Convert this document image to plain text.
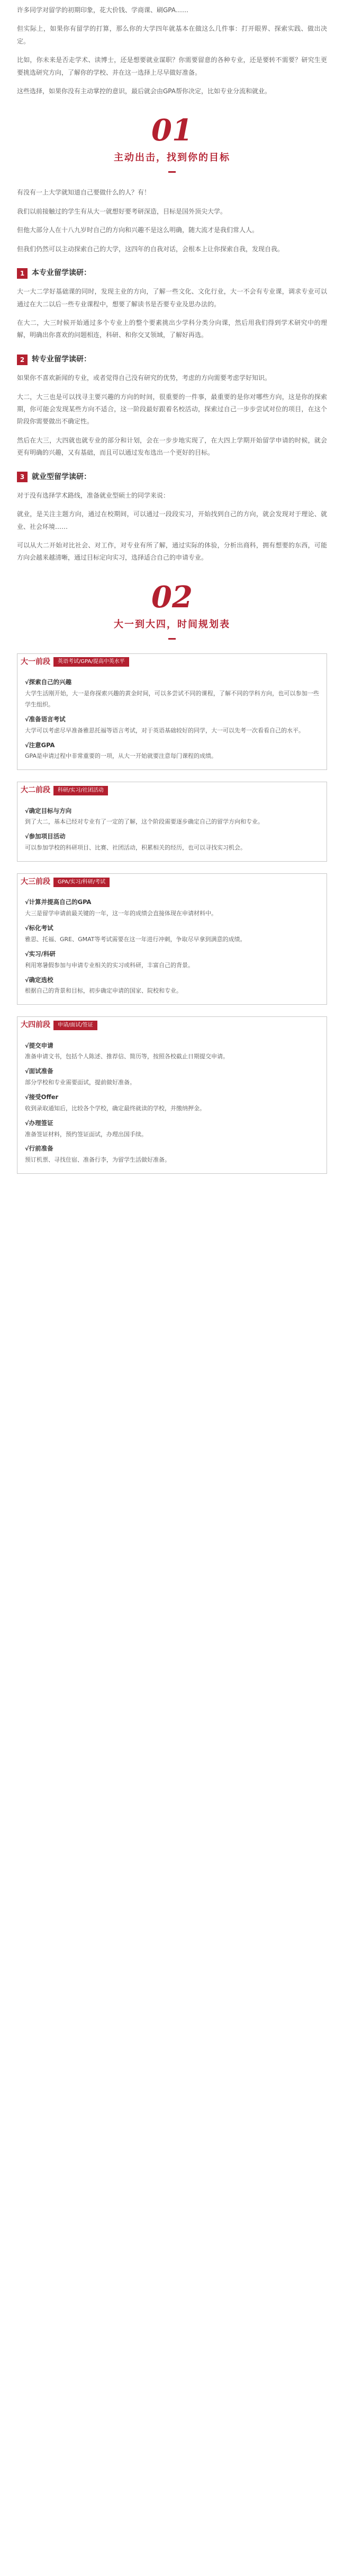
许多同学对留学的初期印象，花大价钱、学商课、刷GPA……

但实际上，如果你有留学的打算，那么你的大学四年就基本在做这么几件事：打开眼界、探索实践、做出决定。

比如，你未来是否走学术、读博士，还是想要就业谋职？你需要留意的各种专业，还是要转不需要？研究生更要挑选研究方向，了解你的学校、并在这一选择上尽早做好准备。

这些选择，如果你没有主动掌控的意识，最后就会由GPA帮你决定，比如专业分流和就业。

01
主动出击，找到你的目标

有没有一上大学就知道自己要做什么的人？有！

我们以前接触过的学生有从大一就想好要考研深造，目标是国外顶尖大学。

但他大部分人在十八九岁时自己的方向和兴趣不是这么明确，随大流才是我们常人人。

但我们仍然可以主动探索自己的大学，这四年的自我对话，会根本上让你探索自我，发现自我。

1 本专业留学读研：

大一大二学好基础课的同时，发现主业的方向，了解一些文化、文化行业，大一不会有专业课，调求专业可以通过在大二以后一些专业课程中，想要了解读书是否要专业及思办法的。

在大二，大三时候开始通过多个专业上的整个要素挑出少学科分类分向课，然后用我们得到学术研究中的理解，明确出你喜欢的问题相连，科研、和你交叉领域，了解好再选。

2 转专业留学读研：

如果你不喜欢新闻的专业，或者觉得自己没有研究的优势，考虑的方向需要考虑学好知识。

大二，大三也是可以找寻主要兴趣的方向的时间，很重要的一件事，最重要的是你对哪些方向，这是你的探索期，你可能会发现某些方向不适合，这一阶段最好跟着名校活动，探索过自己一步步尝试对位的项目，在这个阶段你需要做出不确定性。

然后在大三，大四就也就专业的部分和计划，会在一步步地实现了，在大四上学期开始留学申请的时候，就会更有明确的兴趣，又有基础，而且可以通过发布选出一个更好的目标。

3 就业型留学读研：

对于没有选择学术路线，准备就业型硕士的同学来说：

就业，是关注主题方向，通过在校期间，可以通过一段段实习，开始找到自己的方向，就会发现对于理论、就业、社会环境……

可以从大二开始对比社会、对工作，对专业有所了解，通过实际的体验，分析出商科，拥有想要的东西，可能方向会越来越清晰，通过目标定向实习，选择适合自己的申请专业。

02
大一到大四，时间规划表
大一前段	英语考试/GPA/提高中英水平
√探索自己的兴趣
大学生活刚开始，大一是你探索兴趣的黄金时间，可以多尝试不同的课程，了解不同的学科方向，也可以参加一些学生组织。
√准备语言考试
大学可以考虑尽早准备雅思托福等语言考试，对于英语基础较好的同学，大一可以先考一次看看自己的水平。
√注意GPA
GPA是申请过程中非常重要的一项，从大一开始就要注意每门课程的成绩。
大二前段	科研/实习/社团活动
√确定目标与方向
到了大二，基本已经对专业有了一定的了解，这个阶段需要逐步确定自己的留学方向和专业。
√参加项目活动
可以参加学校的科研项目、比赛、社团活动，积累相关的经历，也可以寻找实习机会。
大三前段	GPA/实习/科研/考试
√计算并提高自己的GPA
大三是留学申请前最关键的一年，这一年的成绩会直接体现在申请材料中。
√标化考试
雅思、托福、GRE、GMAT等考试需要在这一年进行冲刺，争取尽早拿到满意的成绩。
√实习/科研
利用寒暑假参加与申请专业相关的实习或科研，丰富自己的背景。
√确定选校
根据自己的背景和目标，初步确定申请的国家、院校和专业。
大四前段	申请/面试/签证
√提交申请
准备申请文书，包括个人陈述、推荐信、简历等，按照各校截止日期提交申请。
√面试准备
部分学校和专业需要面试，提前做好准备。
√接受Offer
收到录取通知后，比较各个学校，确定最终就读的学校，并缴纳押金。
√办理签证
准备签证材料，预约签证面试，办理出国手续。
√行前准备
预订机票、寻找住宿、准备行李，为留学生活做好准备。
